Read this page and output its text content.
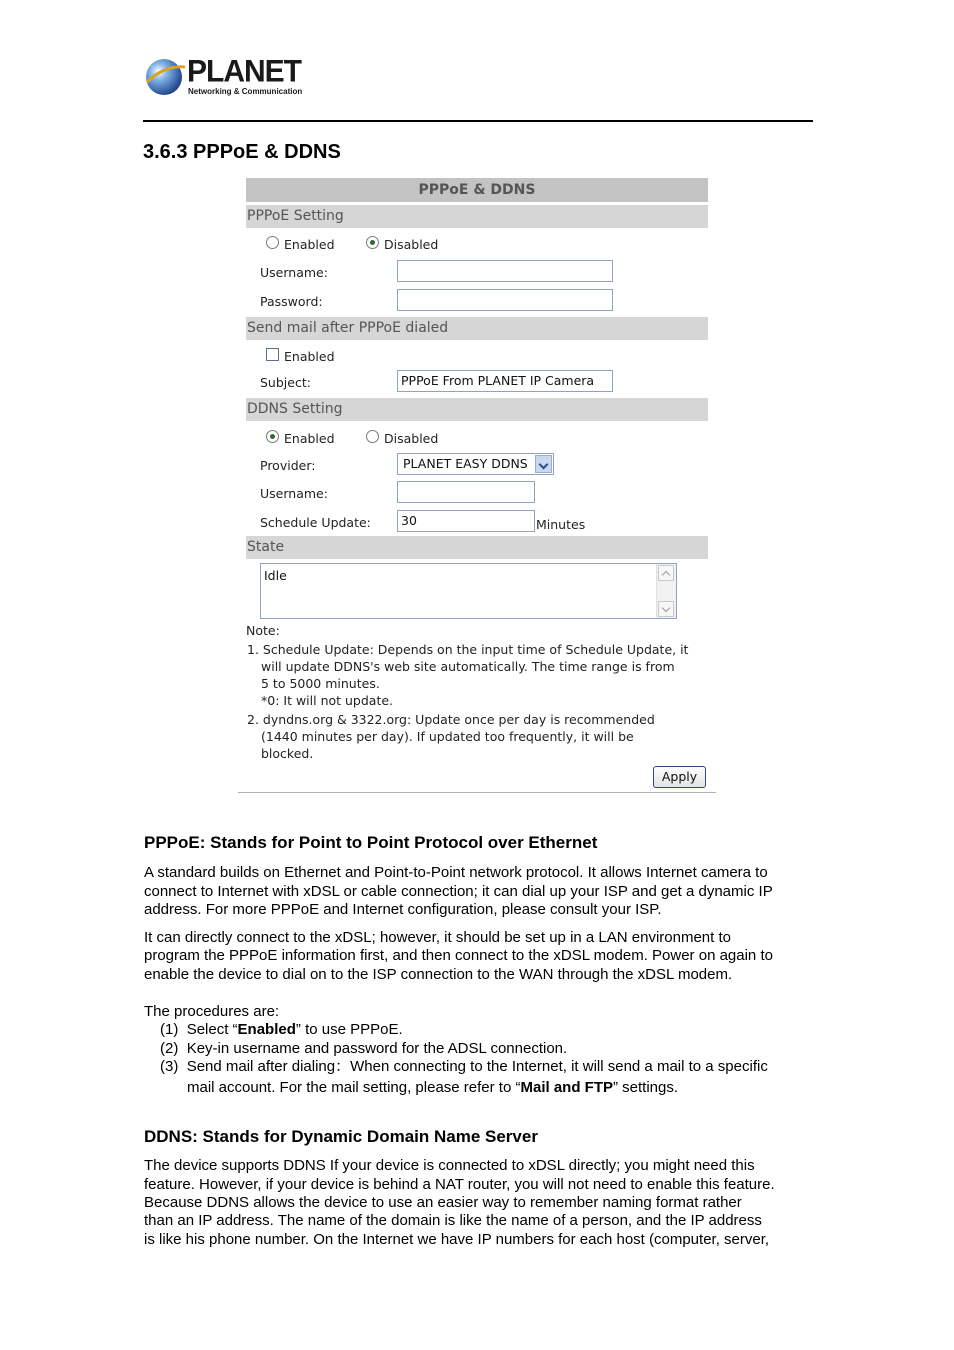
PLANET
Networking & Communication
3.6.3 PPPoE & DDNS
PPPoE & DDNS
PPPoE Setting
Enabled	Disabled
Username:
Password:
Send mail after PPPoE dialed
Enabled
Subject:	PPPoE From PLANET IP Camera
DDNS Setting
Enabled	Disabled
Provider:	PLANET EASY DDNS
Username:
Schedule Update:	30	Minutes
State
Idle
Note:
1. Schedule Update: Depends on the input time of Schedule Update, it
will update DDNS's web site automatically. The time range is from
5 to 5000 minutes.
*0: It will not update.
2. dyndns.org & 3322.org: Update once per day is recommended
(1440 minutes per day). If updated too frequently, it will be
blocked.
Apply
PPPoE: Stands for Point to Point Protocol over Ethernet
A standard builds on Ethernet and Point-to-Point network protocol. It allows Internet camera to
connect to Internet with xDSL or cable connection; it can dial up your ISP and get a dynamic IP
address. For more PPPoE and Internet configuration, please consult your ISP.
It can directly connect to the xDSL; however, it should be set up in a LAN environment to
program the PPPoE information first, and then connect to the xDSL modem. Power on again to
enable the device to dial on to the ISP connection to the WAN through the xDSL modem.
The procedures are:
(1) Select “Enabled” to use PPPoE.
(2) Key-in username and password for the ADSL connection.
(3) Send mail after dialing：When connecting to the Internet, it will send a mail to a specific
mail account. For the mail setting, please refer to “Mail and FTP” settings.
DDNS: Stands for Dynamic Domain Name Server
The device supports DDNS If your device is connected to xDSL directly; you might need this
feature. However, if your device is behind a NAT router, you will not need to enable this feature.
Because DDNS allows the device to use an easier way to remember naming format rather
than an IP address. The name of the domain is like the name of a person, and the IP address
is like his phone number. On the Internet we have IP numbers for each host (computer, server,
